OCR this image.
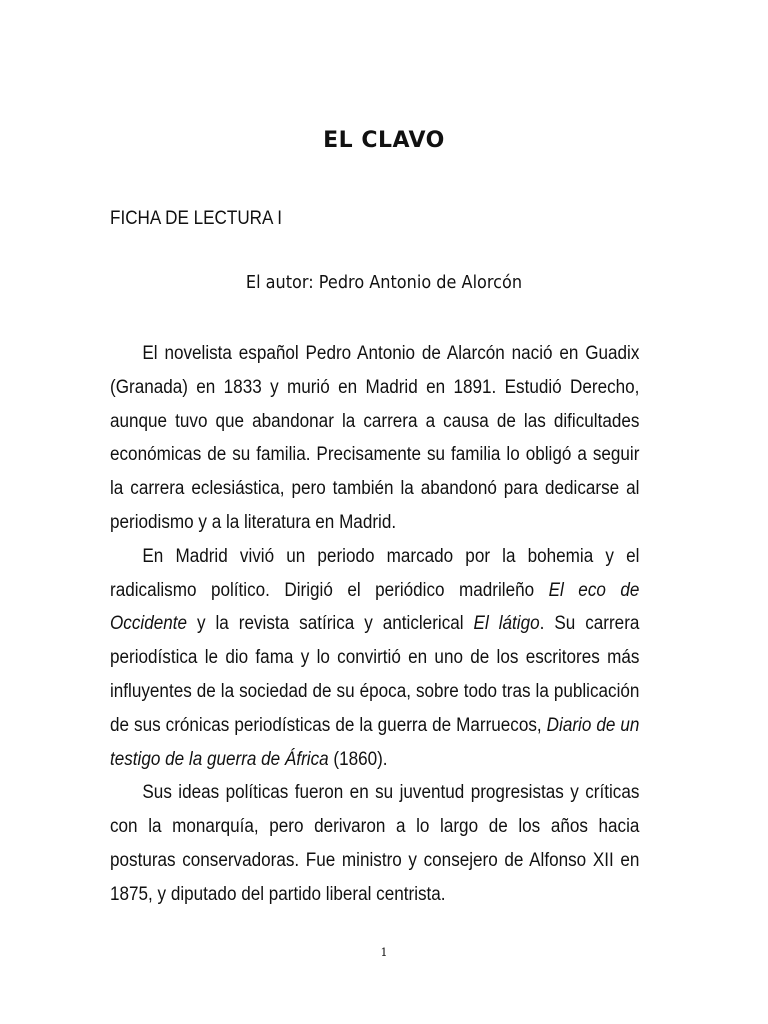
EL CLAVO
FICHA DE LECTURA I
El autor: Pedro Antonio de Alorcón

El novelista español Pedro Antonio de Alarcón nació en Guadix (Granada) en 1833 y murió en Madrid en 1891. Estudió Derecho, aunque tuvo que abandonar la carrera a causa de las dificultades económicas de su familia. Precisamente su familia lo obligó a seguir la carrera eclesiástica, pero también la abandonó para dedicarse al periodismo y a la literatura en Madrid.

En Madrid vivió un periodo marcado por la bohemia y el radicalismo político. Dirigió el periódico madrileño El eco de Occidente y la revista satírica y anticlerical El látigo. Su carrera periodística le dio fama y lo convirtió en uno de los escritores más influyentes de la sociedad de su época, sobre todo tras la publicación de sus crónicas periodísticas de la guerra de Marruecos, Diario de un testigo de la guerra de África (1860).

Sus ideas políticas fueron en su juventud progresistas y críticas con la monarquía, pero derivaron a lo largo de los años hacia posturas conservadoras. Fue ministro y consejero de Alfonso XII en 1875, y diputado del partido liberal centrista.

1
